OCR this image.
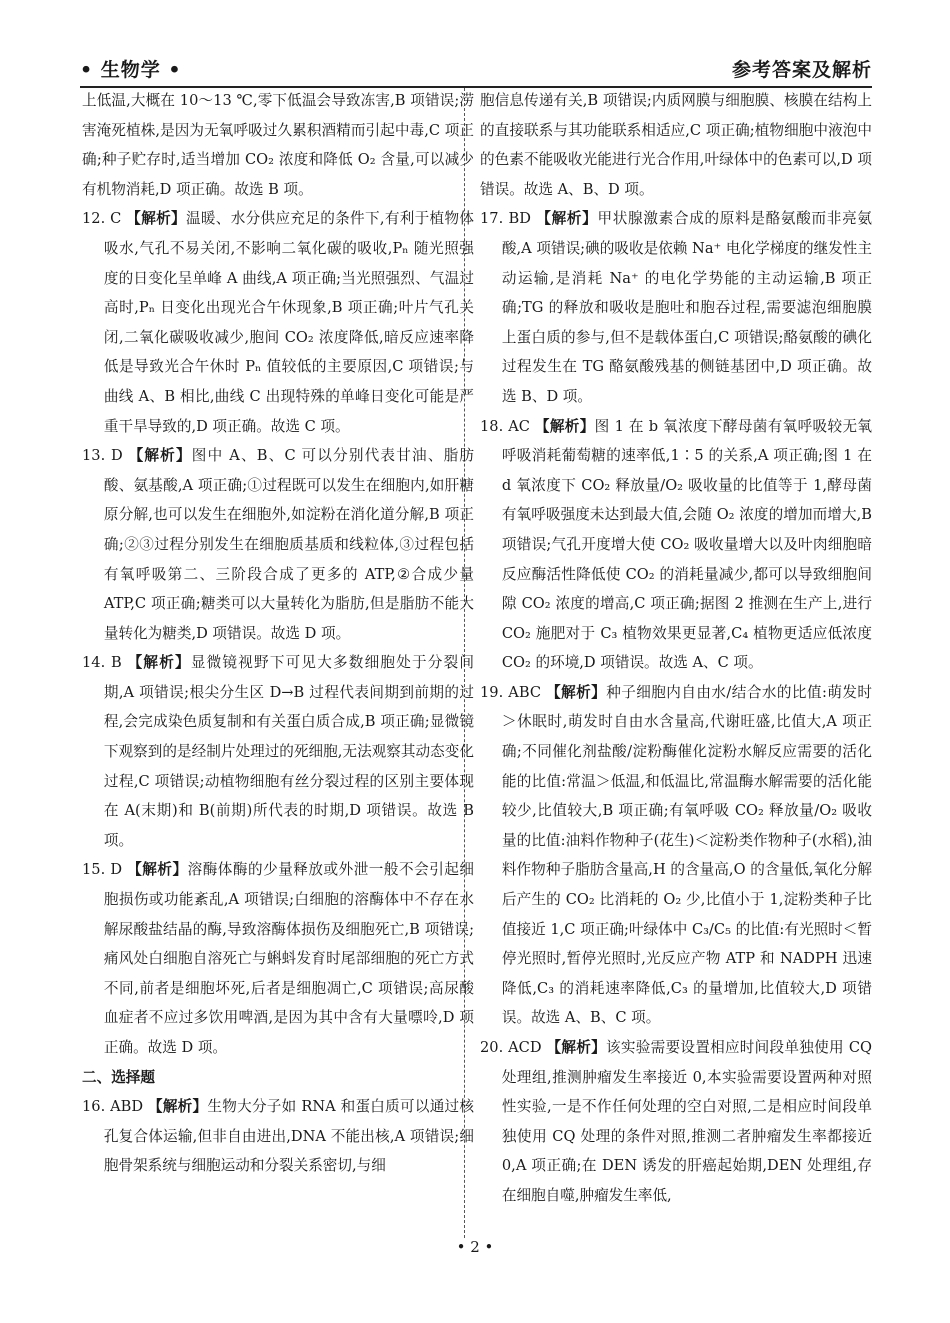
• 生物学 •	参考答案及解析

上低温,大概在 10～13 ℃,零下低温会导致冻害,B 项错误;涝害淹死植株,是因为无氧呼吸过久累积酒精而引起中毒,C 项正确;种子贮存时,适当增加 CO₂ 浓度和降低 O₂ 含量,可以减少有机物消耗,D 项正确。故选 B 项。

12. C 【解析】温暖、水分供应充足的条件下,有利于植物体吸水,气孔不易关闭,不影响二氧化碳的吸收,Pₙ 随光照强度的日变化呈单峰 A 曲线,A 项正确;当光照强烈、气温过高时,Pₙ 日变化出现光合午休现象,B 项正确;叶片气孔关闭,二氧化碳吸收减少,胞间 CO₂ 浓度降低,暗反应速率降低是导致光合午休时 Pₙ 值较低的主要原因,C 项错误;与曲线 A、B 相比,曲线 C 出现特殊的单峰日变化可能是严重干旱导致的,D 项正确。故选 C 项。

13. D 【解析】图中 A、B、C 可以分别代表甘油、脂肪酸、氨基酸,A 项正确;①过程既可以发生在细胞内,如肝糖原分解,也可以发生在细胞外,如淀粉在消化道分解,B 项正确;②③过程分别发生在细胞质基质和线粒体,③过程包括有氧呼吸第二、三阶段合成了更多的 ATP,②合成少量 ATP,C 项正确;糖类可以大量转化为脂肪,但是脂肪不能大量转化为糖类,D 项错误。故选 D 项。

14. B 【解析】显微镜视野下可见大多数细胞处于分裂间期,A 项错误;根尖分生区 D→B 过程代表间期到前期的过程,会完成染色质复制和有关蛋白质合成,B 项正确;显微镜下观察到的是经制片处理过的死细胞,无法观察其动态变化过程,C 项错误;动植物细胞有丝分裂过程的区别主要体现在 A(末期)和 B(前期)所代表的时期,D 项错误。故选 B 项。

15. D 【解析】溶酶体酶的少量释放或外泄一般不会引起细胞损伤或功能紊乱,A 项错误;白细胞的溶酶体中不存在水解尿酸盐结晶的酶,导致溶酶体损伤及细胞死亡,B 项错误;痛风处白细胞自溶死亡与蝌蚪发育时尾部细胞的死亡方式不同,前者是细胞坏死,后者是细胞凋亡,C 项错误;高尿酸血症者不应过多饮用啤酒,是因为其中含有大量嘌呤,D 项正确。故选 D 项。

二、选择题

16. ABD 【解析】生物大分子如 RNA 和蛋白质可以通过核孔复合体运输,但非自由进出,DNA 不能出核,A 项错误;细胞骨架系统与细胞运动和分裂关系密切,与细

胞信息传递有关,B 项错误;内质网膜与细胞膜、核膜在结构上的直接联系与其功能联系相适应,C 项正确;植物细胞中液泡中的色素不能吸收光能进行光合作用,叶绿体中的色素可以,D 项错误。故选 A、B、D 项。

17. BD 【解析】甲状腺激素合成的原料是酪氨酸而非亮氨酸,A 项错误;碘的吸收是依赖 Na⁺ 电化学梯度的继发性主动运输,是消耗 Na⁺ 的电化学势能的主动运输,B 项正确;TG 的释放和吸收是胞吐和胞吞过程,需要滤泡细胞膜上蛋白质的参与,但不是载体蛋白,C 项错误;酪氨酸的碘化过程发生在 TG 酪氨酸残基的侧链基团中,D 项正确。故选 B、D 项。

18. AC 【解析】图 1 在 b 氧浓度下酵母菌有氧呼吸较无氧呼吸消耗葡萄糖的速率低,1∶5 的关系,A 项正确;图 1 在 d 氧浓度下 CO₂ 释放量/O₂ 吸收量的比值等于 1,酵母菌有氧呼吸强度未达到最大值,会随 O₂ 浓度的增加而增大,B 项错误;气孔开度增大使 CO₂ 吸收量增大以及叶肉细胞暗反应酶活性降低使 CO₂ 的消耗量减少,都可以导致细胞间隙 CO₂ 浓度的增高,C 项正确;据图 2 推测在生产上,进行 CO₂ 施肥对于 C₃ 植物效果更显著,C₄ 植物更适应低浓度 CO₂ 的环境,D 项错误。故选 A、C 项。

19. ABC 【解析】种子细胞内自由水/结合水的比值:萌发时＞休眠时,萌发时自由水含量高,代谢旺盛,比值大,A 项正确;不同催化剂盐酸/淀粉酶催化淀粉水解反应需要的活化能的比值:常温＞低温,和低温比,常温酶水解需要的活化能较少,比值较大,B 项正确;有氧呼吸 CO₂ 释放量/O₂ 吸收量的比值:油料作物种子(花生)＜淀粉类作物种子(水稻),油料作物种子脂肪含量高,H 的含量高,O 的含量低,氧化分解后产生的 CO₂ 比消耗的 O₂ 少,比值小于 1,淀粉类种子比值接近 1,C 项正确;叶绿体中 C₃/C₅ 的比值:有光照时＜暂停光照时,暂停光照时,光反应产物 ATP 和 NADPH 迅速降低,C₃ 的消耗速率降低,C₃ 的量增加,比值较大,D 项错误。故选 A、B、C 项。

20. ACD 【解析】该实验需要设置相应时间段单独使用 CQ 处理组,推测肿瘤发生率接近 0,本实验需要设置两种对照性实验,一是不作任何处理的空白对照,二是相应时间段单独使用 CQ 处理的条件对照,推测二者肿瘤发生率都接近 0,A 项正确;在 DEN 诱发的肝癌起始期,DEN 处理组,存在细胞自噬,肿瘤发生率低,

• 2 •
